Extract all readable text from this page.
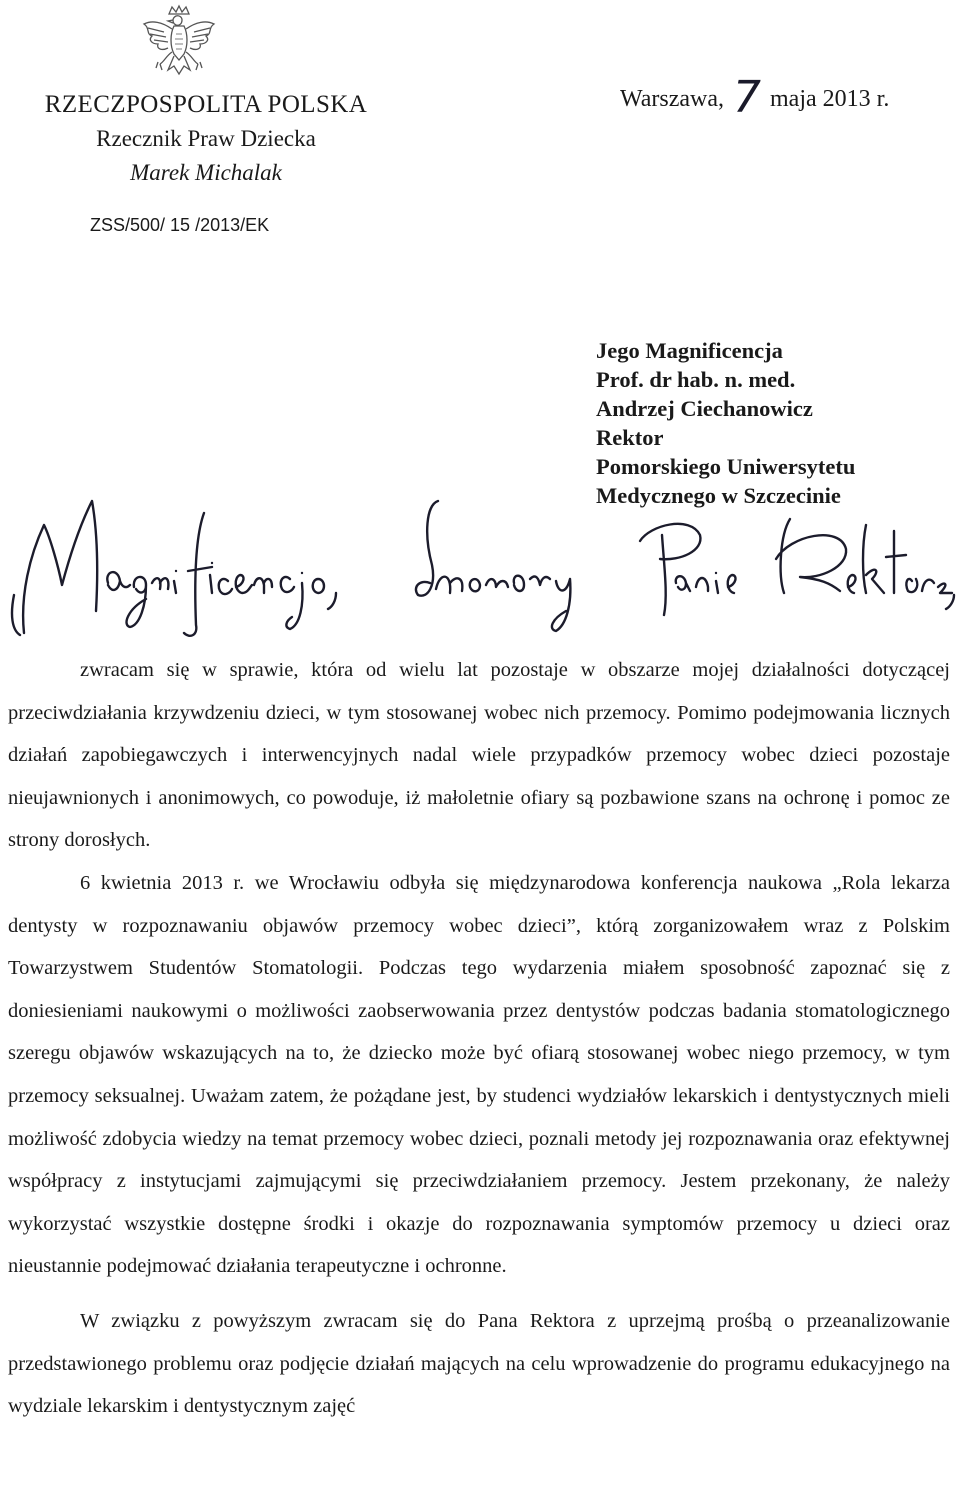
RZECZPOSPOLITA POLSKA
Rzecznik Praw Dziecka
Marek Michalak
Warszawa, 7 maja 2013 r.
ZSS/500/ 15 /2013/EK
Jego Magnificencja
Prof. dr hab. n. med.
Andrzej Ciechanowicz
Rektor
Pomorskiego Uniwersytetu
Medycznego w Szczecinie

zwracam się w sprawie, która od wielu lat pozostaje w obszarze mojej działalności dotyczącej przeciwdziałania krzywdzeniu dzieci, w tym stosowanej wobec nich przemocy. Pomimo podejmowania licznych działań zapobiegawczych i interwencyjnych nadal wiele przypadków przemocy wobec dzieci pozostaje nieujawnionych i anonimowych, co powoduje, iż małoletnie ofiary są pozbawione szans na ochronę i pomoc ze strony dorosłych.

6 kwietnia 2013 r. we Wrocławiu odbyła się międzynarodowa konferencja naukowa „Rola lekarza dentysty w rozpoznawaniu objawów przemocy wobec dzieci”, którą zorganizowałem wraz z Polskim Towarzystwem Studentów Stomatologii. Podczas tego wydarzenia miałem sposobność zapoznać się z doniesieniami naukowymi o możliwości zaobserwowania przez dentystów podczas badania stomatologicznego szeregu objawów wskazujących na to, że dziecko może być ofiarą stosowanej wobec niego przemocy, w tym przemocy seksualnej. Uważam zatem, że pożądane jest, by studenci wydziałów lekarskich i dentystycznych mieli możliwość zdobycia wiedzy na temat przemocy wobec dzieci, poznali metody jej rozpoznawania oraz efektywnej współpracy z instytucjami zajmującymi się przeciwdziałaniem przemocy. Jestem przekonany, że należy wykorzystać wszystkie dostępne środki i okazje do rozpoznawania symptomów przemocy u dzieci oraz nieustannie podejmować działania terapeutyczne i ochronne.

W związku z powyższym zwracam się do Pana Rektora z uprzejmą prośbą o przeanalizowanie przedstawionego problemu oraz podjęcie działań mających na celu wprowadzenie do programu edukacyjnego na wydziale lekarskim i dentystycznym zajęć
